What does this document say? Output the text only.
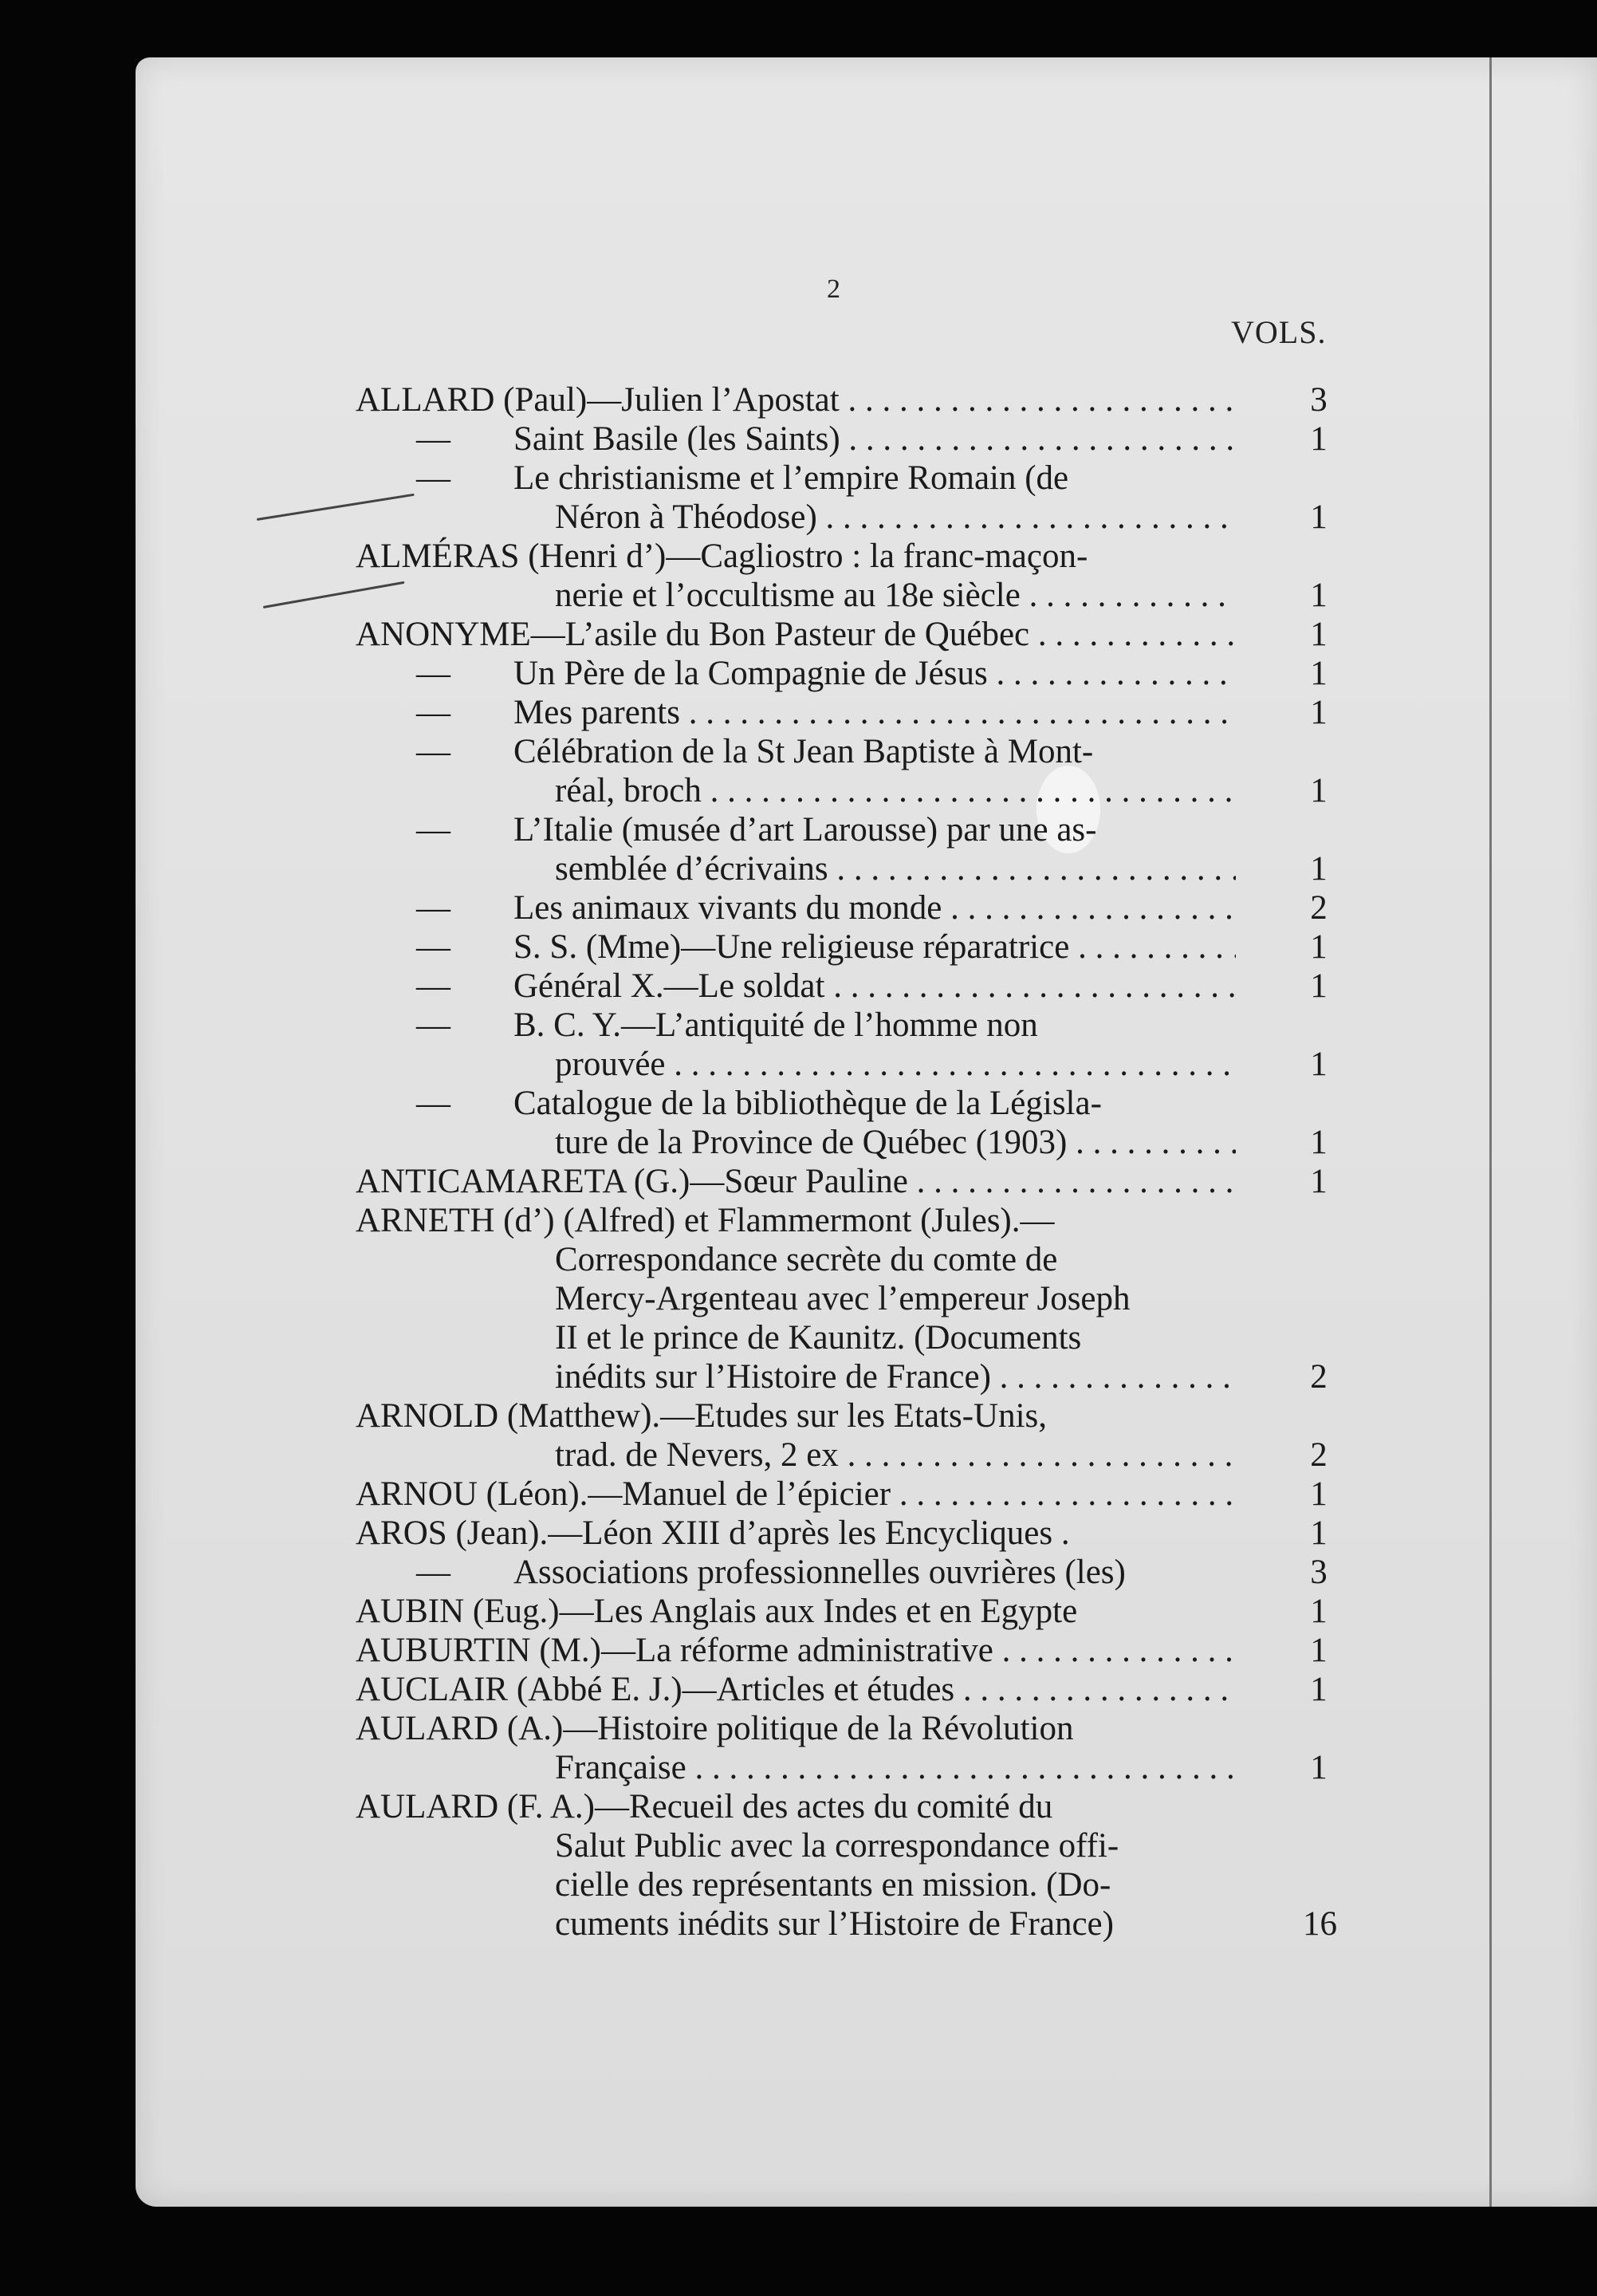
2
VOLS.
ALLARD (Paul)—Julien l’Apostat . . .	3
— Saint Basile (les Saints) . . .	1
— Le christianisme et l’empire Romain (de
Néron à Théodose) . . .	1
ALMÉRAS (Henri d’)—Cagliostro : la franc-maçon-
nerie et l’occultisme au 18e siècle . . .	1
ANONYME—L’asile du Bon Pasteur de Québec . . .	1
— Un Père de la Compagnie de Jésus . . .	1
— Mes parents . . .	1
— Célébration de la St Jean Baptiste à Mont-
réal, broch . . .	1
— L’Italie (musée d’art Larousse) par une as-
semblée d’écrivains . . .	1
— Les animaux vivants du monde . . .	2
— S. S. (Mme)—Une religieuse réparatrice . . .	1
— Général X.—Le soldat . . .	1
— B. C. Y.—L’antiquité de l’homme non
prouvée . . .	1
— Catalogue de la bibliothèque de la Législa-
ture de la Province de Québec (1903) . . .	1
ANTICAMARETA (G.)—Sœur Pauline . . .	1
ARNETH (d’) (Alfred) et Flammermont (Jules).—
Correspondance secrète du comte de
Mercy-Argenteau avec l’empereur Joseph
II et le prince de Kaunitz. (Documents
inédits sur l’Histoire de France) . . .	2
ARNOLD (Matthew).—Etudes sur les Etats-Unis,
trad. de Nevers, 2 ex . . .	2
ARNOU (Léon).—Manuel de l’épicier . . .	1
AROS (Jean).—Léon XIII d’après les Encycliques .	1
— Associations professionnelles ouvrières (les)	3
AUBIN (Eug.)—Les Anglais aux Indes et en Egypte	1
AUBURTIN (M.)—La réforme administrative . . .	1
AUCLAIR (Abbé E. J.)—Articles et études . . .	1
AULARD (A.)—Histoire politique de la Révolution
Française . . .	1
AULARD (F. A.)—Recueil des actes du comité du
Salut Public avec la correspondance offi-
cielle des représentants en mission. (Do-
cuments inédits sur l’Histoire de France)	16
